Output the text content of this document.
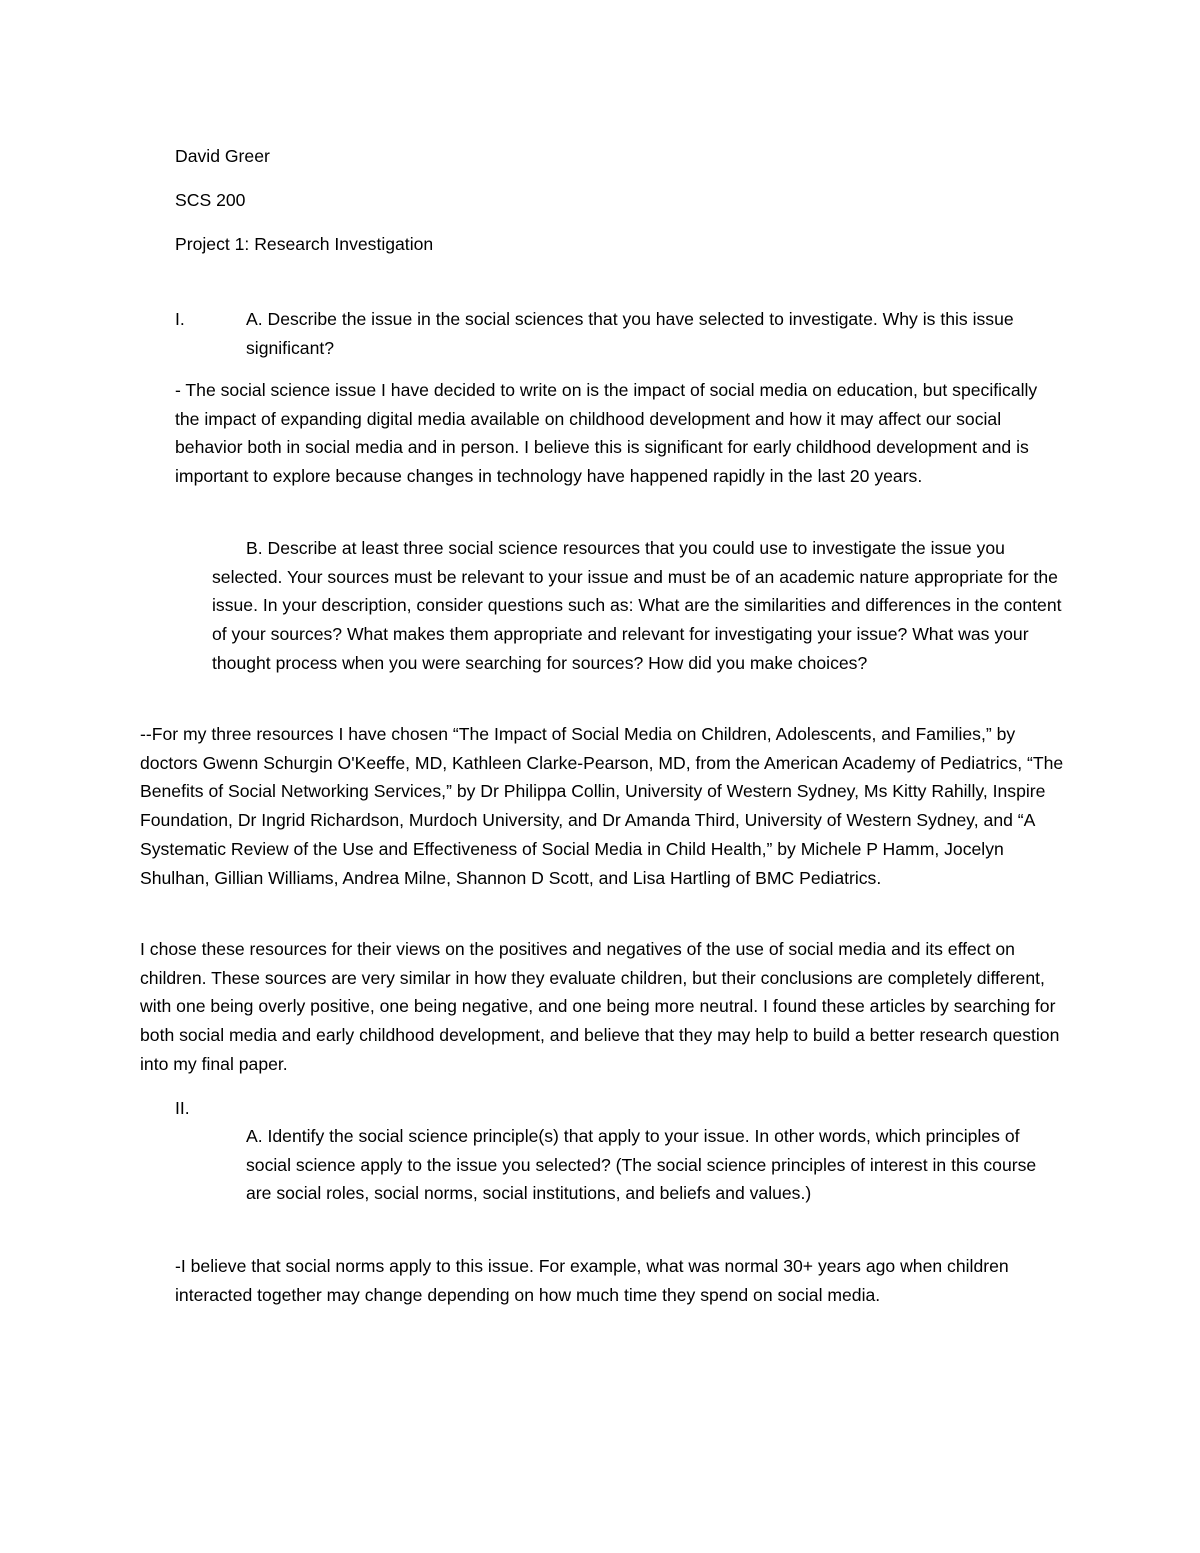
David Greer

SCS 200

Project 1: Research Investigation

I.	A. Describe the issue in the social sciences that you have selected to investigate. Why is this issue significant?

- The social science issue I have decided to write on is the impact of social media on education, but specifically the impact of expanding digital media available on childhood development and how it may affect our social behavior both in social media and in person. I believe this is significant for early childhood development and is important to explore because changes in technology have happened rapidly in the last 20 years.

B. Describe at least three social science resources that you could use to investigate the issue you selected. Your sources must be relevant to your issue and must be of an academic nature appropriate for the issue. In your description, consider questions such as: What are the similarities and differences in the content of your sources? What makes them appropriate and relevant for investigating your issue? What was your thought process when you were searching for sources? How did you make choices?

--For my three resources I have chosen “The Impact of Social Media on Children, Adolescents, and Families,” by doctors Gwenn Schurgin O'Keeffe, MD, Kathleen Clarke-Pearson, MD, from the American Academy of Pediatrics, “The Benefits of Social Networking Services,” by Dr Philippa Collin, University of Western Sydney, Ms Kitty Rahilly, Inspire Foundation, Dr Ingrid Richardson, Murdoch University, and Dr Amanda Third, University of Western Sydney, and “A Systematic Review of the Use and Effectiveness of Social Media in Child Health,” by Michele P Hamm, Jocelyn Shulhan, Gillian Williams, Andrea Milne, Shannon D Scott, and Lisa Hartling of BMC Pediatrics.

I chose these resources for their views on the positives and negatives of the use of social media and its effect on children. These sources are very similar in how they evaluate children, but their conclusions are completely different, with one being overly positive, one being negative, and one being more neutral. I found these articles by searching for both social media and early childhood development, and believe that they may help to build a better research question into my final paper.

II.

A. Identify the social science principle(s) that apply to your issue. In other words, which principles of social science apply to the issue you selected? (The social science principles of interest in this course are social roles, social norms, social institutions, and beliefs and values.)

-I believe that social norms apply to this issue. For example, what was normal 30+ years ago when children interacted together may change depending on how much time they spend on social media.
